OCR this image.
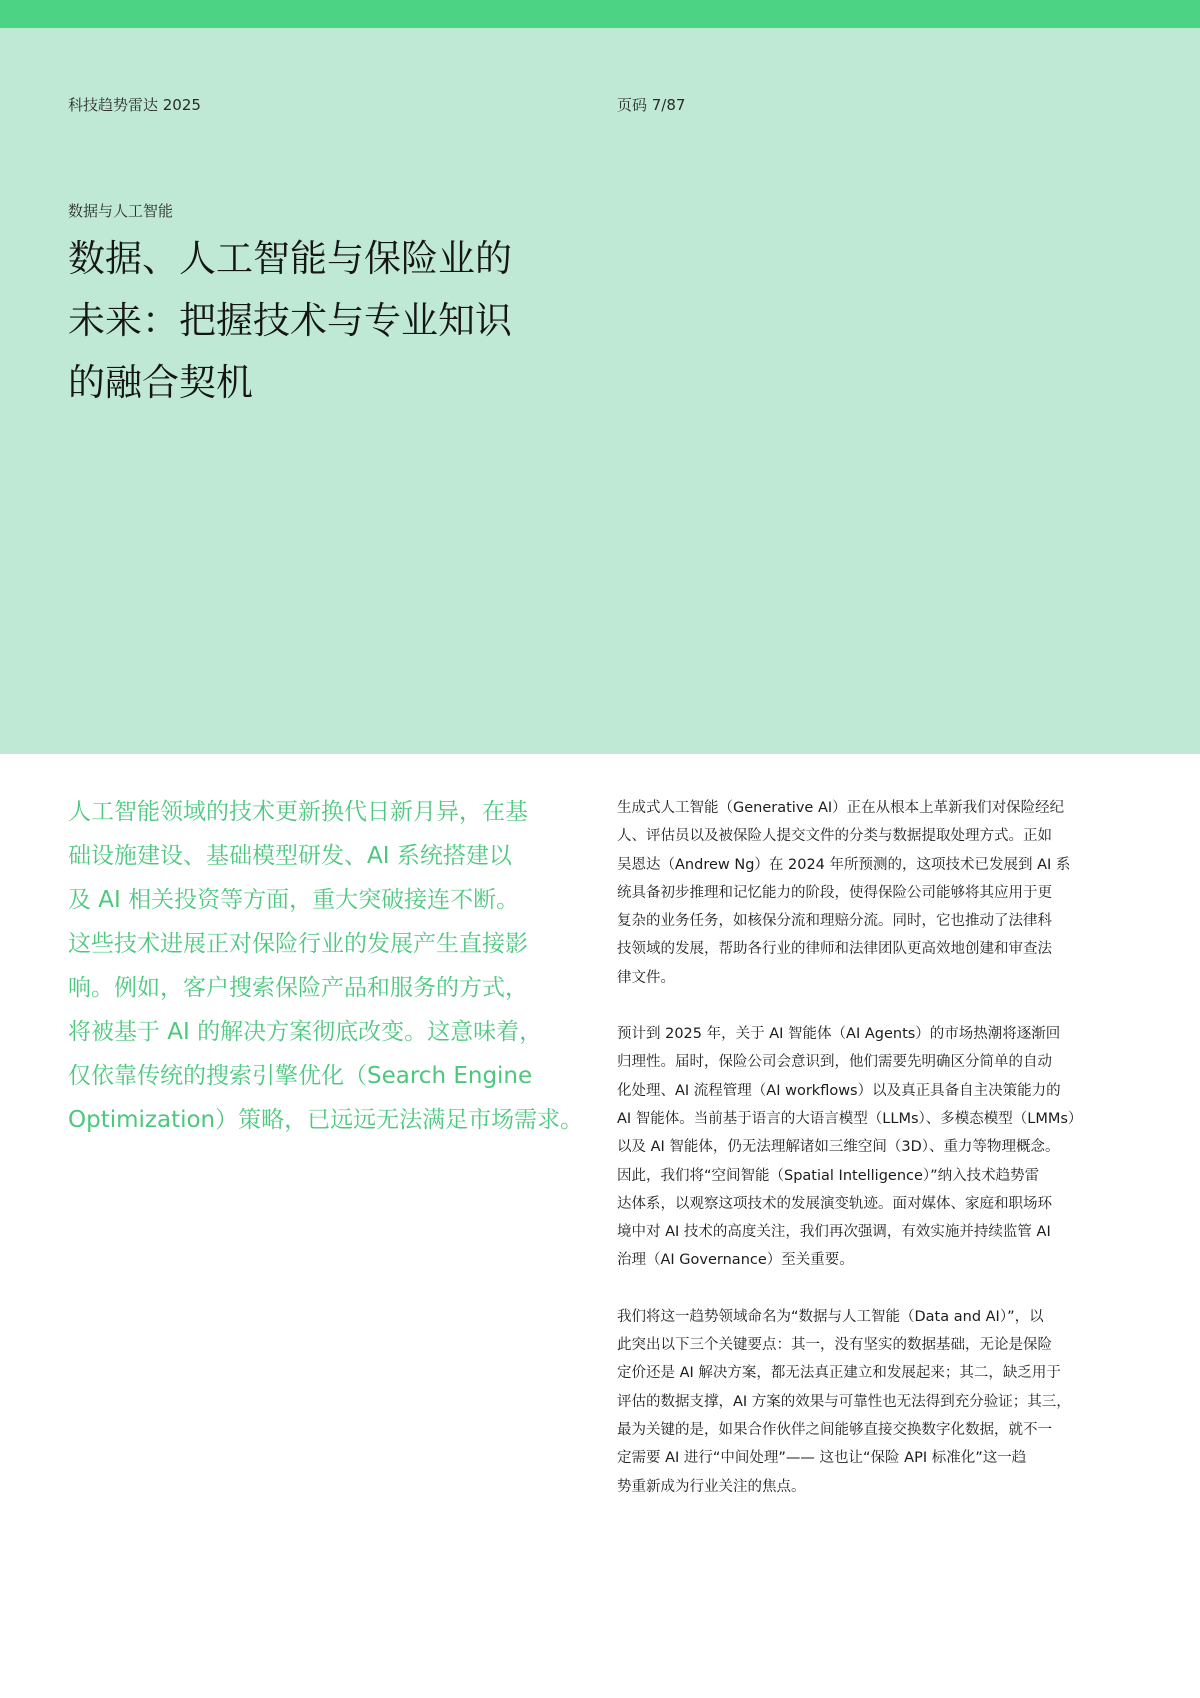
科技趋势雷达 2025	页码 7/87
数据与人工智能
数据、人工智能与保险业的
未来：把握技术与专业知识
的融合契机
人工智能领域的技术更新换代日新月异，在基
础设施建设、基础模型研发、AI 系统搭建以
及 AI 相关投资等方面，重大突破接连不断。
这些技术进展正对保险行业的发展产生直接影
响。例如，客户搜索保险产品和服务的方式，
将被基于 AI 的解决方案彻底改变。这意味着，
仅依靠传统的搜索引擎优化（Search Engine
Optimization）策略，已远远无法满足市场需求。

生成式人工智能（Generative AI）正在从根本上革新我们对保险经纪
人、评估员以及被保险人提交文件的分类与数据提取处理方式。正如
吴恩达（Andrew Ng）在 2024 年所预测的，这项技术已发展到 AI 系
统具备初步推理和记忆能力的阶段，使得保险公司能够将其应用于更
复杂的业务任务，如核保分流和理赔分流。同时，它也推动了法律科
技领域的发展，帮助各行业的律师和法律团队更高效地创建和审查法
律文件。

预计到 2025 年，关于 AI 智能体（AI Agents）的市场热潮将逐渐回
归理性。届时，保险公司会意识到，他们需要先明确区分简单的自动
化处理、AI 流程管理（AI workflows）以及真正具备自主决策能力的
AI 智能体。当前基于语言的大语言模型（LLMs）、多模态模型（LMMs）
以及 AI 智能体，仍无法理解诸如三维空间（3D）、重力等物理概念。
因此，我们将“空间智能（Spatial Intelligence）”纳入技术趋势雷
达体系，以观察这项技术的发展演变轨迹。面对媒体、家庭和职场环
境中对 AI 技术的高度关注，我们再次强调，有效实施并持续监管 AI
治理（AI Governance）至关重要。

我们将这一趋势领域命名为“数据与人工智能（Data and AI）”，以
此突出以下三个关键要点：其一，没有坚实的数据基础，无论是保险
定价还是 AI 解决方案，都无法真正建立和发展起来；其二，缺乏用于
评估的数据支撑，AI 方案的效果与可靠性也无法得到充分验证；其三，
最为关键的是，如果合作伙伴之间能够直接交换数字化数据，就不一
定需要 AI 进行“中间处理”—— 这也让“保险 API 标准化”这一趋
势重新成为行业关注的焦点。
